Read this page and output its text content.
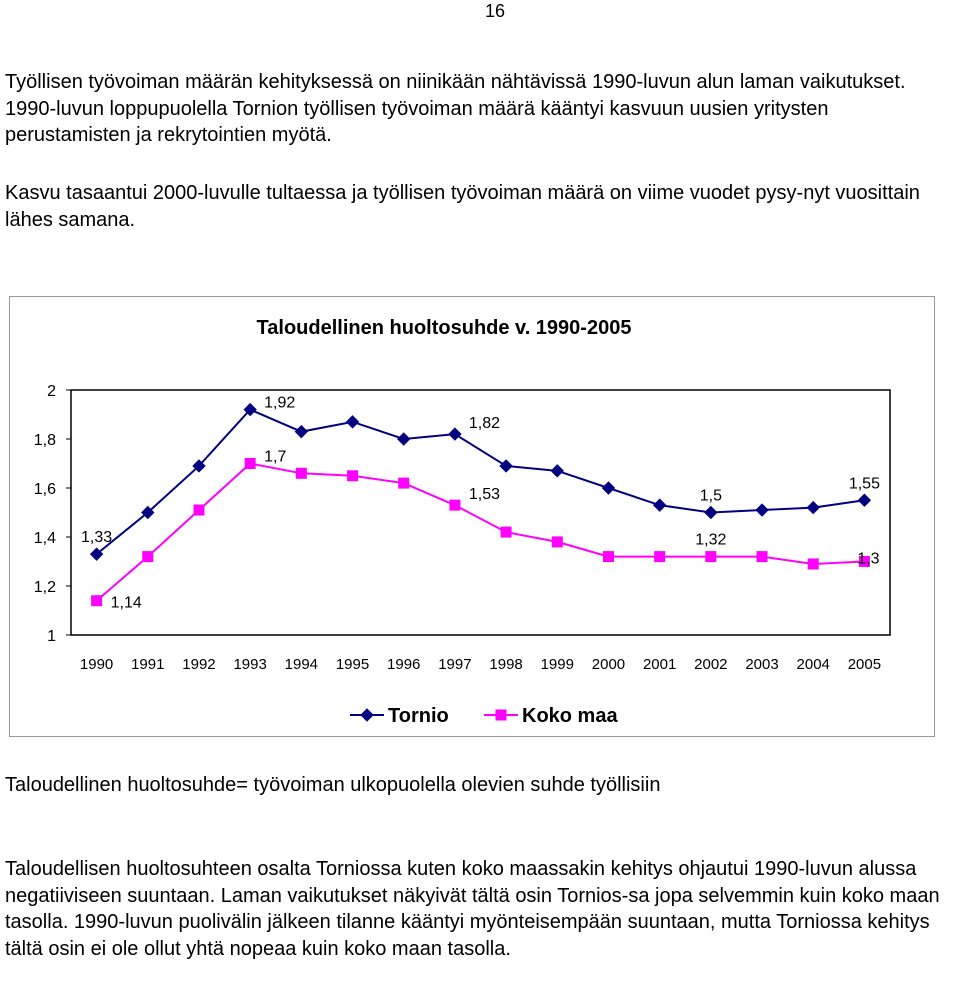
16

Työllisen työvoiman määrän kehityksessä on niinikään nähtävissä 1990-luvun alun laman vaikutukset. 1990-luvun loppupuolella Tornion työllisen työvoiman määrä kääntyi kasvuun uusien yritysten perustamisten ja rekrytointien myötä.

Kasvu tasaantui 2000-luvulle tultaessa ja työllisen työvoiman määrä on viime vuodet pysy-nyt vuosittain lähes samana.

Taloudellinen huoltosuhde v. 1990-2005
1
1,2
1,4
1,6
1,8
2
1990 1991 1992 1993 1994 1995 1996 1997 1998 1999 2000 2001 2002 2003 2004 2005
1,33
1,92
1,82
1,5
1,55
1,14
1,7
1,53
1,32
1,3
Tornio	Koko maa

Taloudellinen huoltosuhde= työvoiman ulkopuolella olevien suhde työllisiin

Taloudellisen huoltosuhteen osalta Torniossa kuten koko maassakin kehitys ohjautui 1990-luvun alussa negatiiviseen suuntaan. Laman vaikutukset näkyivät tältä osin Tornios-sa jopa selvemmin kuin koko maan tasolla. 1990-luvun puolivälin jälkeen tilanne kääntyi myönteisempään suuntaan, mutta Torniossa kehitys tältä osin ei ole ollut yhtä nopeaa kuin koko maan tasolla.
